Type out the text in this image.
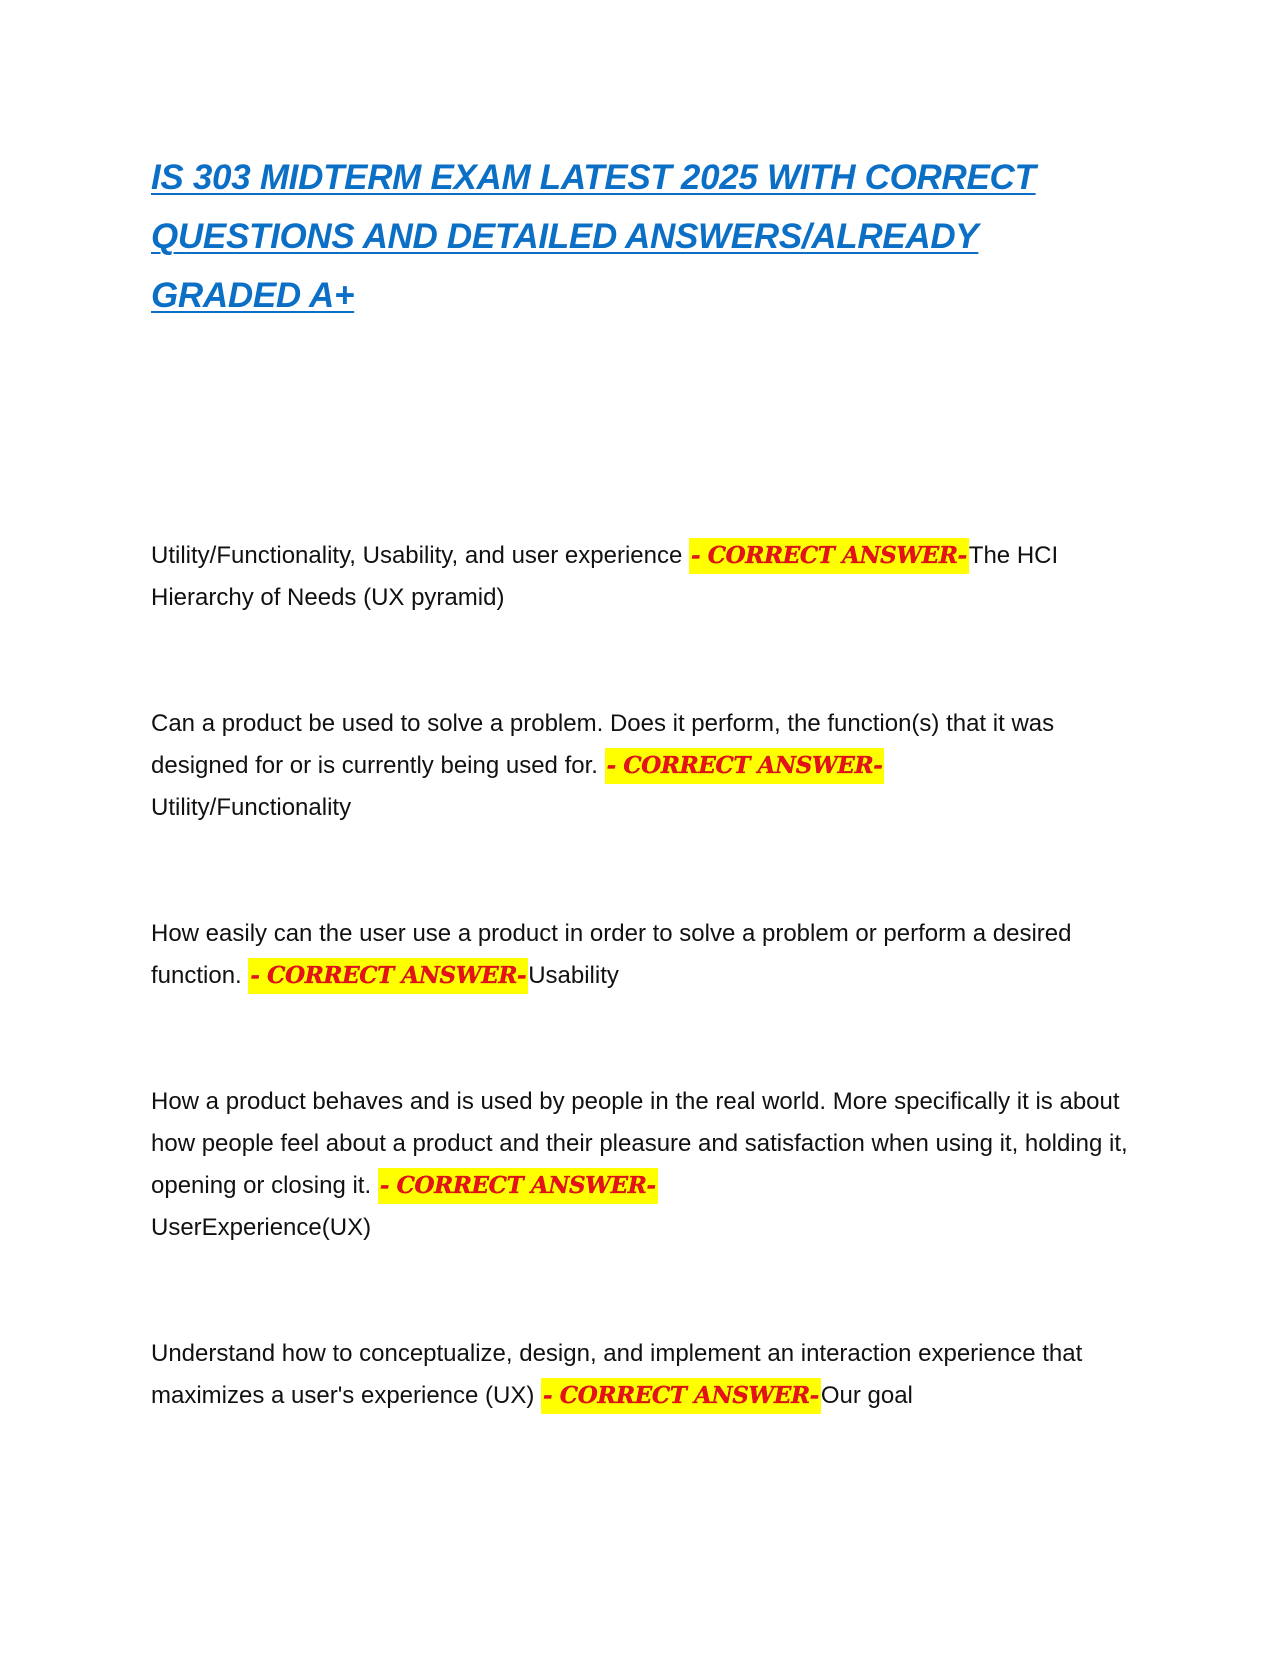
IS 303 MIDTERM EXAM LATEST 2025 WITH CORRECT QUESTIONS AND DETAILED ANSWERS/ALREADY GRADED A+

Utility/Functionality, Usability, and user experience - CORRECT ANSWER-The HCI Hierarchy of Needs (UX pyramid)

Can a product be used to solve a problem. Does it perform, the function(s) that it was designed for or is currently being used for. - CORRECT ANSWER-
Utility/Functionality

How easily can the user use a product in order to solve a problem or perform a desired function. - CORRECT ANSWER-Usability

How a product behaves and is used by people in the real world. More specifically it is about how people feel about a product and their pleasure and satisfaction when using it, holding it, opening or closing it. - CORRECT ANSWER-
UserExperience(UX)

Understand how to conceptualize, design, and implement an interaction experience that maximizes a user's experience (UX) - CORRECT ANSWER-Our goal
